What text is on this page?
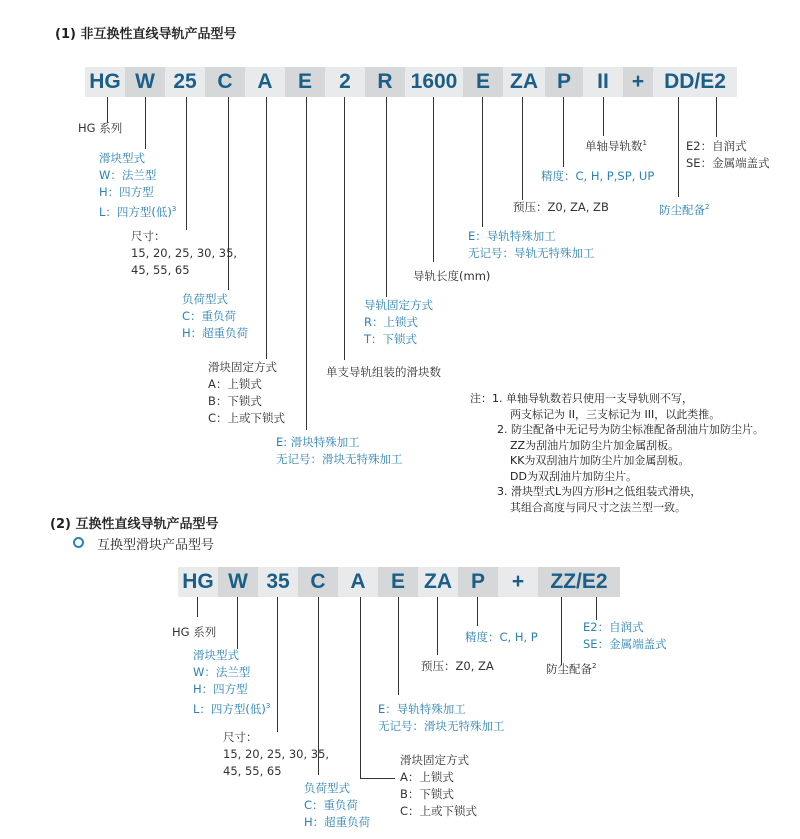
(1) 非互换性直线导轨产品型号
HG W 25 C	A	E	2	R 1600 E ZA P	II	+ DD/E2
HG 系列
滑块型式
W：法兰型
H：四方型
L：四方型(低)$^3$
尺寸：
15, 20, 25, 30, 35,
45, 55, 65
负荷型式
C：重负荷
H：超重负荷
滑块固定方式
A：上锁式
B：下锁式
C：上或下锁式
E: 滑块特殊加工
无记号：滑块无特殊加工
单支导轨组装的滑块数
导轨固定方式
R：上锁式
T：下锁式
导轨长度(mm)
E：导轨特殊加工
无记号：导轨无特殊加工
预压：Z0, ZA, ZB
精度：C, H, P,SP, UP
单轴导轨数$^1$
防尘配备$^2$
E2：自润式
SE：金属端盖式
注：1. 单轴导轨数若只使用一支导轨则不写，
两支标记为 II，三支标记为 III，以此类推。
2. 防尘配备中无记号为防尘标准配备刮油片加防尘片。
ZZ为刮油片加防尘片加金属刮板。
KK为双刮油片加防尘片加金属刮板。
DD为双刮油片加防尘片。
3. 滑块型式L为四方形H之低组装式滑块，
其组合高度与同尺寸之法兰型一致。
(2) 互换性直线导轨产品型号
互换型滑块产品型号
HG W 35 C	A	E ZA P	+	ZZ/E2
HG 系列
滑块型式
W：法兰型
H：四方型
L：四方型(低)$^3$
尺寸：
15, 20, 25, 30, 35,
45, 55, 65
负荷型式
C：重负荷
H：超重负荷
滑块固定方式
A：上锁式
B：下锁式
C：上或下锁式
E：导轨特殊加工
无记号：滑块无特殊加工
预压：Z0, ZA
精度：C, H, P
防尘配备$^2$
E2：自润式
SE：金属端盖式
